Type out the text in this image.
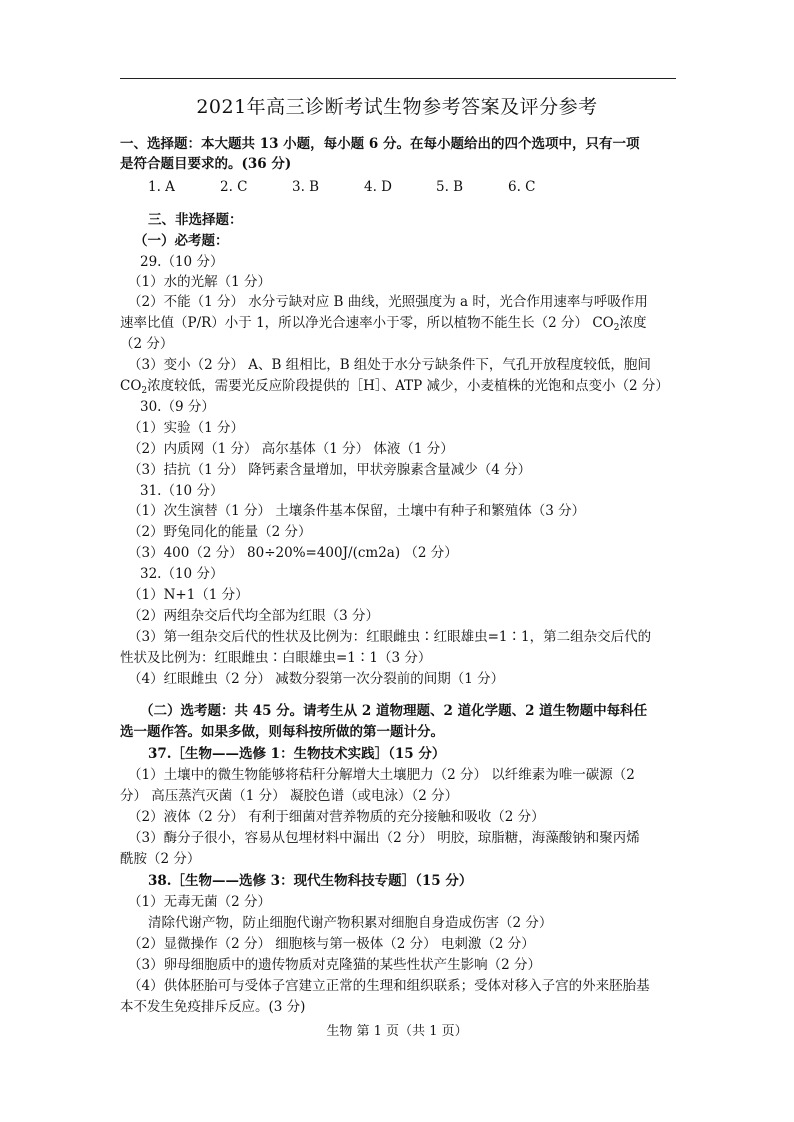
2021年高三诊断考试生物参考答案及评分参考
一、选择题：本大题共 13 小题，每小题 6 分。在每小题给出的四个选项中，只有一项
是符合题目要求的。(36 分)
1. A	2. C	3. B	4. D	5. B	6. C
三、非选择题：
（一）必考题：
29.（10 分）
（1）水的光解（1 分）
（2）不能（1 分） 水分亏缺对应 B 曲线，光照强度为 a 时，光合作用速率与呼吸作用
速率比值（P/R）小于 1，所以净光合速率小于零，所以植物不能生长（2 分） $CO_2$浓度
（2 分）
（3）变小（2 分） A、B 组相比，B 组处于水分亏缺条件下，气孔开放程度较低，胞间
$CO_2$浓度较低，需要光反应阶段提供的［H］、ATP 减少，小麦植株的光饱和点变小（2 分）
30.（9 分）
（1）实验（1 分）
（2）内质网（1 分） 高尔基体（1 分） 体液（1 分）
（3）拮抗（1 分） 降钙素含量增加，甲状旁腺素含量减少（4 分）
31.（10 分）
（1）次生演替（1 分） 土壤条件基本保留，土壤中有种子和繁殖体（3 分）
（2）野兔同化的能量（2 分）
（3）400（2 分） 80÷20%=400J/(cm2a) （2 分）
32.（10 分）
（1）N+1（1 分）
（2）两组杂交后代均全部为红眼（3 分）
（3）第一组杂交后代的性状及比例为：红眼雌虫∶红眼雄虫=1∶1，第二组杂交后代的
性状及比例为：红眼雌虫∶白眼雄虫=1∶1（3 分）
（4）红眼雌虫（2 分） 减数分裂第一次分裂前的间期（1 分）
（二）选考题：共 45 分。请考生从 2 道物理题、2 道化学题、2 道生物题中每科任
选一题作答。如果多做，则每科按所做的第一题计分。
37.［生物——选修 1：生物技术实践］（15 分）
（1）土壤中的微生物能够将秸秆分解增大土壤肥力（2 分） 以纤维素为唯一碳源（2
分） 高压蒸汽灭菌（1 分） 凝胶色谱（或电泳）（2 分）
（2）液体（2 分） 有利于细菌对营养物质的充分接触和吸收（2 分）
（3）酶分子很小，容易从包埋材料中漏出（2 分） 明胶，琼脂糖，海藻酸钠和聚丙烯
酰胺（2 分）
38.［生物——选修 3：现代生物科技专题］（15 分）
（1）无毒无菌（2 分）
清除代谢产物，防止细胞代谢产物积累对细胞自身造成伤害（2 分）
（2）显微操作（2 分） 细胞核与第一极体（2 分） 电刺激（2 分）
（3）卵母细胞质中的遗传物质对克隆猫的某些性状产生影响（2 分）
（4）供体胚胎可与受体子宫建立正常的生理和组织联系；受体对移入子宫的外来胚胎基
本不发生免疫排斥反应。(3 分)
生物 第 1 页（共 1 页）
